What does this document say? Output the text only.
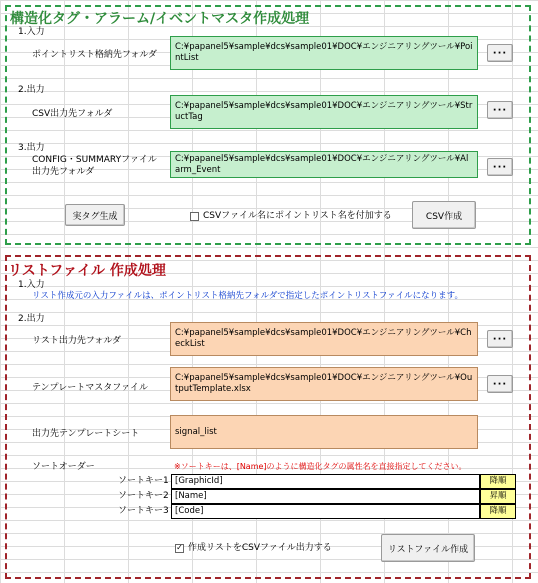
構造化タグ・アラーム/イベントマスタ作成処理
1.入力
ポイントリスト格納先フォルダ
C:¥papanel5¥sample¥dcs¥sample01¥DOC¥エンジニアリングツール¥PointList	···
2.出力
CSV出力先フォルダ
C:¥papanel5¥sample¥dcs¥sample01¥DOC¥エンジニアリングツール¥StructTag
···
3.出力
CONFIG・SUMMARYファイル
出力先フォルダ
C:¥papanel5¥sample¥dcs¥sample01¥DOC¥エンジニアリングツール¥Alarm_Event	···
実タグ生成	CSVファイル名にポイントリスト名を付加する	CSV作成
リストファイル 作成処理
1.入力
リスト作成元の入力ファイルは、ポイントリスト格納先フォルダで指定したポイントリストファイルになります。
2.出力
リスト出力先フォルダ
C:¥papanel5¥sample¥dcs¥sample01¥DOC¥エンジニアリングツール¥CheckList	···
テンプレートマスタファイル
C:¥papanel5¥sample¥dcs¥sample01¥DOC¥エンジニアリングツール¥OutputTemplate.xlsx	···
出力先テンプレートシート	signal_list
ソートオーダー	※ソートキーは、[Name]のように構造化タグの属性名を直接指定してください。
ソートキー1 [GraphicId]	降順
ソートキー2 [Name]	昇順
ソートキー3 [Code]	降順
✓ 作成リストをCSVファイル出力する	リストファイル作成
